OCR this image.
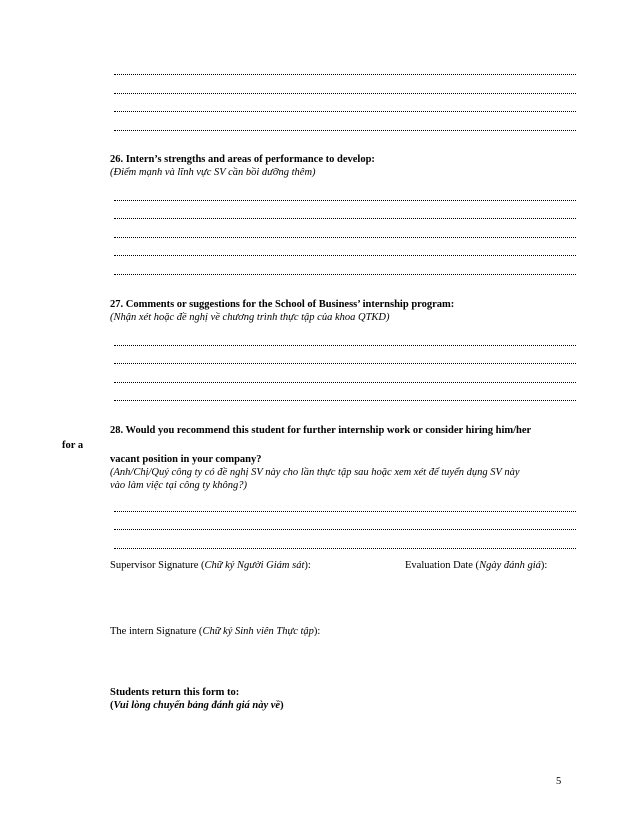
26. Intern’s strengths and areas of performance to develop:
(Điểm mạnh và lĩnh vực SV cần bồi dưỡng thêm)
27. Comments or suggestions for the School of Business’ internship program:
(Nhận xét hoặc đề nghị về chương trình thực tập của khoa QTKD)
28. Would you recommend this student for further internship work or consider hiring him/her
for a
vacant position in your company?
(Anh/Chị/Quý công ty có đề nghị SV này cho lần thực tập sau hoặc xem xét để tuyển dụng SV này
vào làm việc tại công ty không?)
Supervisor Signature (Chữ ký Người Giám sát):	Evaluation Date (Ngày đánh giá):
The intern Signature (Chữ ký Sinh viên Thực tập):
Students return this form to:
(Vui lòng chuyển bảng đánh giá này về)
5
